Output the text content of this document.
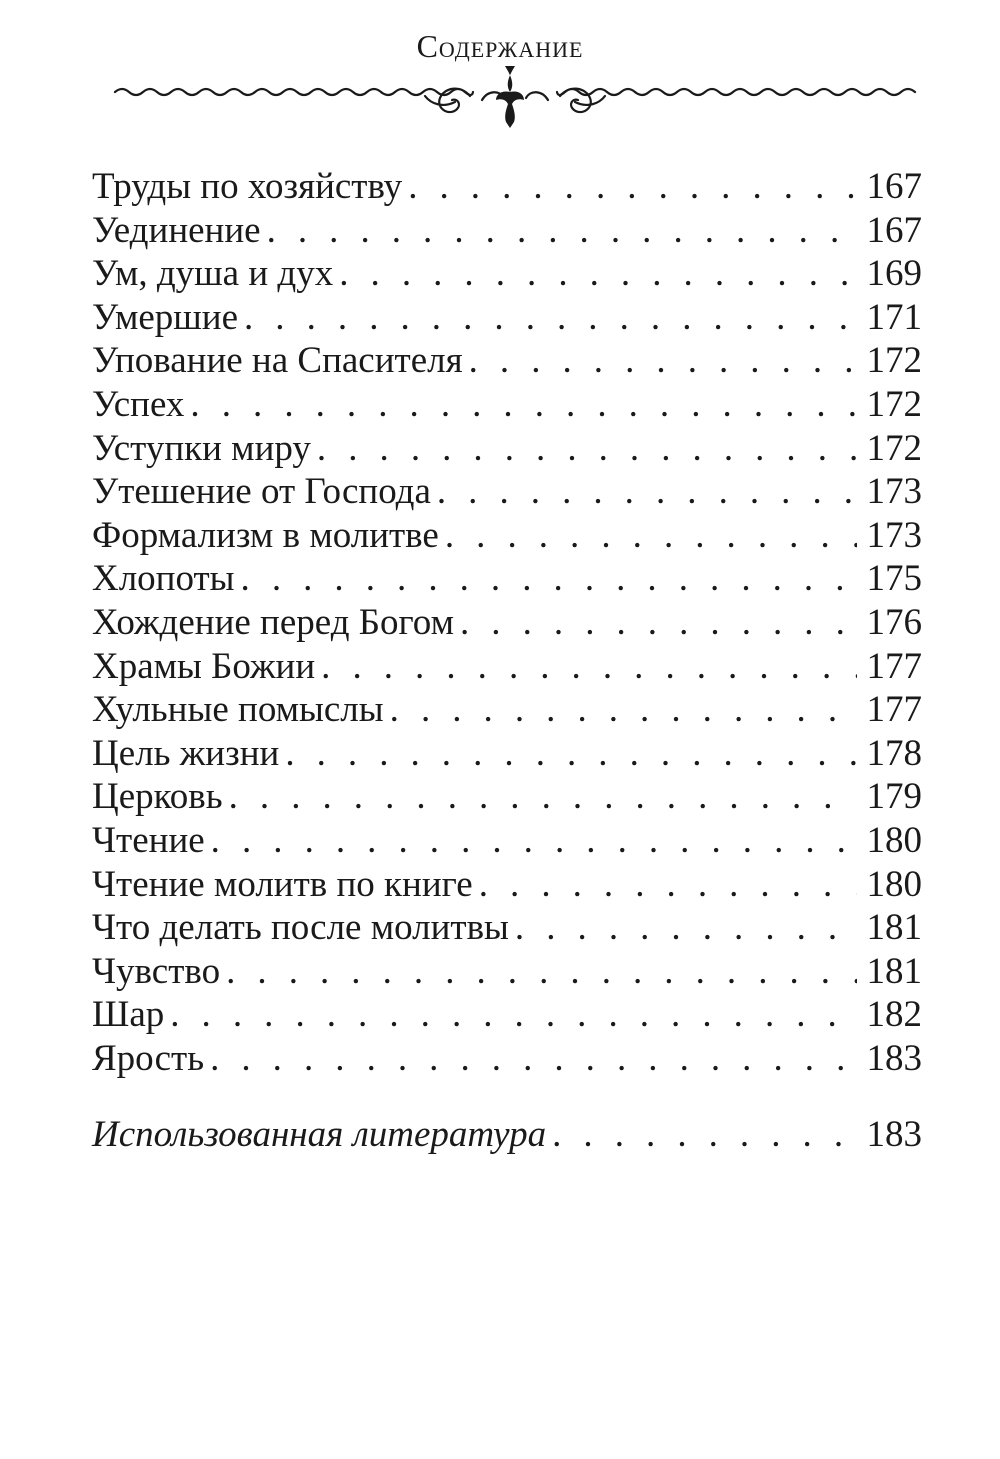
Содержание
Труды по хозяйству . . .	167
Уединение . . .	167
Ум, душа и дух . . .	169
Умершие . . .	171
Упование на Спасителя . . .	172
Успех . . .	172
Уступки миру . . .	172
Утешение от Господа . . .	173
Формализм в молитве . . .	173
Хлопоты . . .	175
Хождение перед Богом . . .	176
Храмы Божии . . .	177
Хульные помыслы . . .	177
Цель жизни . . .	178
Церковь . . .	179
Чтение . . .	180
Чтение молитв по книге . . .	180
Что делать после молитвы . . .	181
Чувство . . .	181
Шар . . .	182
Ярость . . .	183
Использованная литература . . .	183
